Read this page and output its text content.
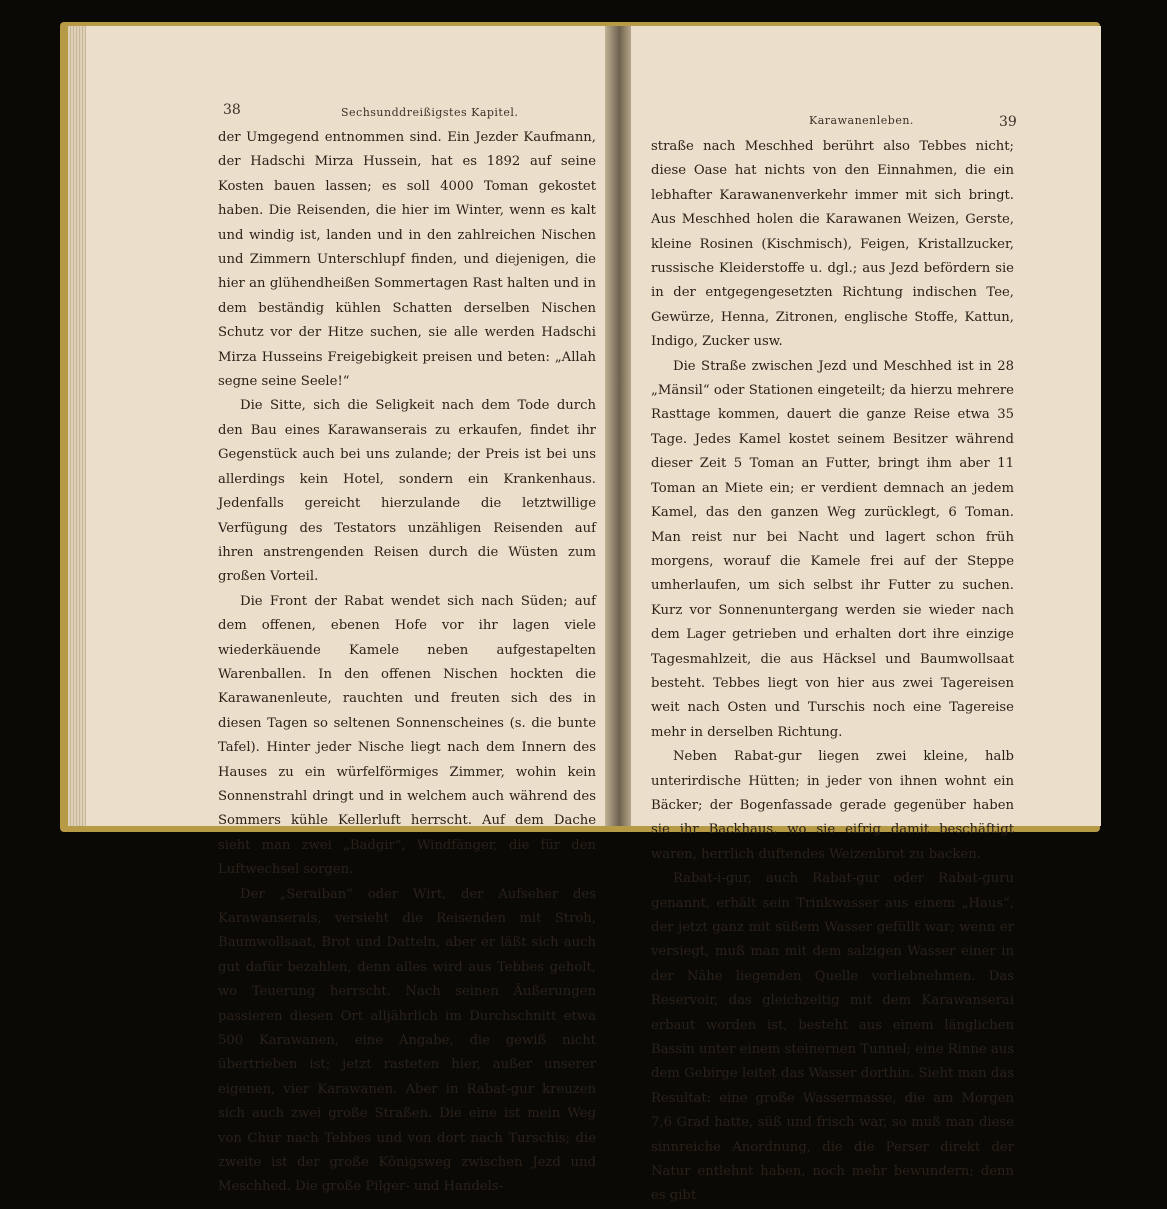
38	Sechsunddreißigstes Kapitel.

der Umgegend entnommen sind. Ein Jezder Kaufmann, der Hadschi Mirza Hussein, hat es 1892 auf seine Kosten bauen lassen; es soll 4000 Toman gekostet haben. Die Reisenden, die hier im Winter, wenn es kalt und windig ist, landen und in den zahlreichen Nischen und Zimmern Unterschlupf finden, und diejenigen, die hier an glühendheißen Sommertagen Rast halten und in dem beständig kühlen Schatten derselben Nischen Schutz vor der Hitze suchen, sie alle werden Hadschi Mirza Husseins Freigebigkeit preisen und beten: „Allah segne seine Seele!“

Die Sitte, sich die Seligkeit nach dem Tode durch den Bau eines Karawanserais zu erkaufen, findet ihr Gegenstück auch bei uns zulande; der Preis ist bei uns allerdings kein Hotel, sondern ein Krankenhaus. Jedenfalls gereicht hierzulande die letztwillige Verfügung des Testators unzähligen Reisenden auf ihren anstrengenden Reisen durch die Wüsten zum großen Vorteil.

Die Front der Rabat wendet sich nach Süden; auf dem offenen, ebenen Hofe vor ihr lagen viele wiederkäuende Kamele neben aufgestapelten Warenballen. In den offenen Nischen hockten die Karawanenleute, rauchten und freuten sich des in diesen Tagen so seltenen Sonnenscheines (s. die bunte Tafel). Hinter jeder Nische liegt nach dem Innern des Hauses zu ein würfelförmiges Zimmer, wohin kein Sonnenstrahl dringt und in welchem auch während des Sommers kühle Kellerluft herrscht. Auf dem Dache sieht man zwei „Badgir“, Windfänger, die für den Luftwechsel sorgen.

Der „Seraiban“ oder Wirt, der Aufseher des Karawanserais, versieht die Reisenden mit Stroh, Baumwollsaat, Brot und Datteln, aber er läßt sich auch gut dafür bezahlen, denn alles wird aus Tebbes geholt, wo Teuerung herrscht. Nach seinen Äußerungen passieren diesen Ort alljährlich im Durchschnitt etwa 500 Karawanen, eine Angabe, die gewiß nicht übertrieben ist; jetzt rasteten hier, außer unserer eigenen, vier Karawanen. Aber in Rabat-gur kreuzen sich auch zwei große Straßen. Die eine ist mein Weg von Chur nach Tebbes und von dort nach Turschis; die zweite ist der große Königsweg zwischen Jezd und Meschhed. Die große Pilger- und Handels-

Karawanenleben.	39

straße nach Meschhed berührt also Tebbes nicht; diese Oase hat nichts von den Einnahmen, die ein lebhafter Karawanenverkehr immer mit sich bringt. Aus Meschhed holen die Karawanen Weizen, Gerste, kleine Rosinen (Kischmisch), Feigen, Kristallzucker, russische Kleiderstoffe u. dgl.; aus Jezd befördern sie in der entgegengesetzten Richtung indischen Tee, Gewürze, Henna, Zitronen, englische Stoffe, Kattun, Indigo, Zucker usw.

Die Straße zwischen Jezd und Meschhed ist in 28 „Mänsil“ oder Stationen eingeteilt; da hierzu mehrere Rasttage kommen, dauert die ganze Reise etwa 35 Tage. Jedes Kamel kostet seinem Besitzer während dieser Zeit 5 Toman an Futter, bringt ihm aber 11 Toman an Miete ein; er verdient demnach an jedem Kamel, das den ganzen Weg zurücklegt, 6 Toman. Man reist nur bei Nacht und lagert schon früh morgens, worauf die Kamele frei auf der Steppe umherlaufen, um sich selbst ihr Futter zu suchen. Kurz vor Sonnenuntergang werden sie wieder nach dem Lager getrieben und erhalten dort ihre einzige Tagesmahlzeit, die aus Häcksel und Baumwollsaat besteht. Tebbes liegt von hier aus zwei Tagereisen weit nach Osten und Turschis noch eine Tagereise mehr in derselben Richtung.

Neben Rabat-gur liegen zwei kleine, halb unterirdische Hütten; in jeder von ihnen wohnt ein Bäcker; der Bogenfassade gerade gegenüber haben sie ihr Backhaus, wo sie eifrig damit beschäftigt waren, herrlich duftendes Weizenbrot zu backen.

Rabat-i-gur, auch Rabat-gur oder Rabat-guru genannt, erhält sein Trinkwasser aus einem „Haus“, der jetzt ganz mit süßem Wasser gefüllt war; wenn er versiegt, muß man mit dem salzigen Wasser einer in der Nähe liegenden Quelle vorliebnehmen. Das Reservoir, das gleichzeitig mit dem Karawanserai erbaut worden ist, besteht aus einem länglichen Bassin unter einem steinernen Tunnel; eine Rinne aus dem Gebirge leitet das Wasser dorthin. Sieht man das Resultat: eine große Wassermasse, die am Morgen 7,6 Grad hatte, süß und frisch war, so muß man diese sinnreiche Anordnung, die die Perser direkt der Natur entlehnt haben, noch mehr bewundern; denn es gibt
